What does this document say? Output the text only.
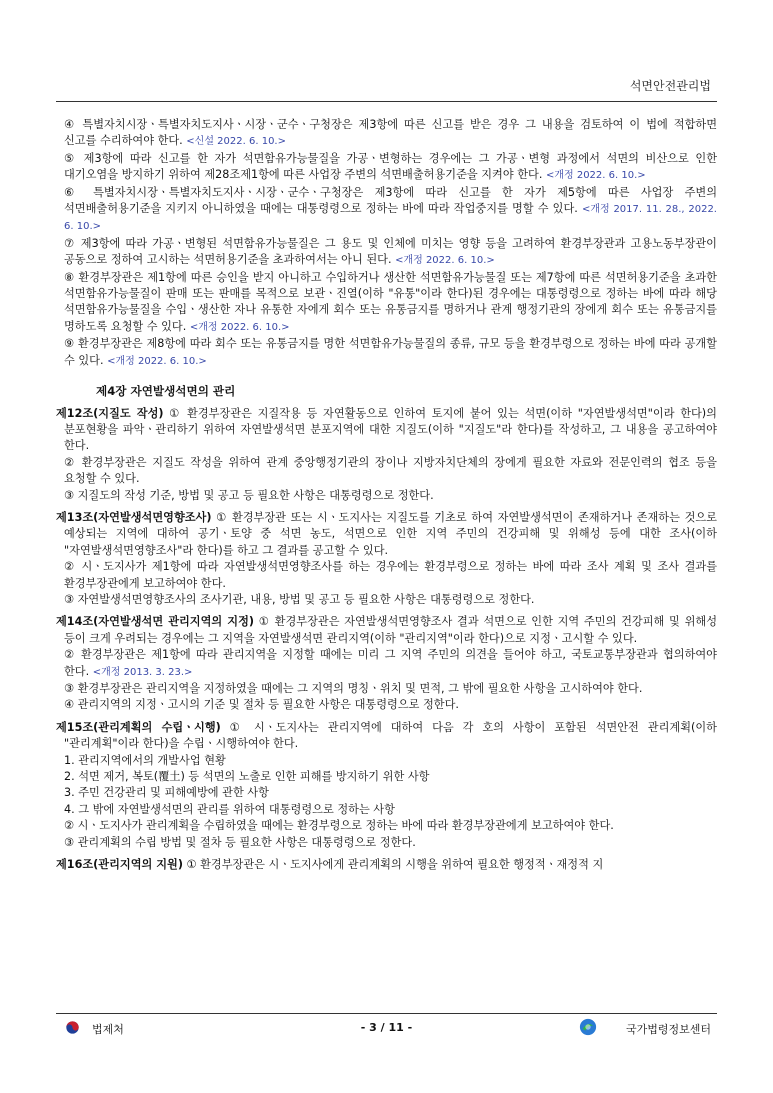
석면안전관리법

④ 특별자치시장ㆍ특별자치도지사ㆍ시장ㆍ군수ㆍ구청장은 제3항에 따른 신고를 받은 경우 그 내용을 검토하여 이 법에 적합하면 신고를 수리하여야 한다. <신설 2022. 6. 10.>

⑤ 제3항에 따라 신고를 한 자가 석면함유가능물질을 가공ㆍ변형하는 경우에는 그 가공ㆍ변형 과정에서 석면의 비산으로 인한 대기오염을 방지하기 위하여 제28조제1항에 따른 사업장 주변의 석면배출허용기준을 지켜야 한다. <개정 2022. 6. 10.>

⑥ 특별자치시장ㆍ특별자치도지사ㆍ시장ㆍ군수ㆍ구청장은 제3항에 따라 신고를 한 자가 제5항에 따른 사업장 주변의 석면배출허용기준을 지키지 아니하였을 때에는 대통령령으로 정하는 바에 따라 작업중지를 명할 수 있다. <개정 2017. 11. 28., 2022. 6. 10.>

⑦ 제3항에 따라 가공ㆍ변형된 석면함유가능물질은 그 용도 및 인체에 미치는 영향 등을 고려하여 환경부장관과 고용노동부장관이 공동으로 정하여 고시하는 석면허용기준을 초과하여서는 아니 된다. <개정 2022. 6. 10.>

⑧ 환경부장관은 제1항에 따른 승인을 받지 아니하고 수입하거나 생산한 석면함유가능물질 또는 제7항에 따른 석면허용기준을 초과한 석면함유가능물질이 판매 또는 판매를 목적으로 보관ㆍ진열(이하 "유통"이라 한다)된 경우에는 대통령령으로 정하는 바에 따라 해당 석면함유가능물질을 수입ㆍ생산한 자나 유통한 자에게 회수 또는 유통금지를 명하거나 관계 행정기관의 장에게 회수 또는 유통금지를 명하도록 요청할 수 있다. <개정 2022. 6. 10.>

⑨ 환경부장관은 제8항에 따라 회수 또는 유통금지를 명한 석면함유가능물질의 종류, 규모 등을 환경부령으로 정하는 바에 따라 공개할 수 있다. <개정 2022. 6. 10.>

제4장 자연발생석면의 관리

제12조(지질도 작성) ① 환경부장관은 지질작용 등 자연활동으로 인하여 토지에 붙어 있는 석면(이하 "자연발생석면"이라 한다)의 분포현황을 파악ㆍ관리하기 위하여 자연발생석면 분포지역에 대한 지질도(이하 "지질도"라 한다)를 작성하고, 그 내용을 공고하여야 한다.

② 환경부장관은 지질도 작성을 위하여 관계 중앙행정기관의 장이나 지방자치단체의 장에게 필요한 자료와 전문인력의 협조 등을 요청할 수 있다.

③ 지질도의 작성 기준, 방법 및 공고 등 필요한 사항은 대통령령으로 정한다.

제13조(자연발생석면영향조사) ① 환경부장관 또는 시ㆍ도지사는 지질도를 기초로 하여 자연발생석면이 존재하거나 존재하는 것으로 예상되는 지역에 대하여 공기ㆍ토양 중 석면 농도, 석면으로 인한 지역 주민의 건강피해 및 위해성 등에 대한 조사(이하 "자연발생석면영향조사"라 한다)를 하고 그 결과를 공고할 수 있다.

② 시ㆍ도지사가 제1항에 따라 자연발생석면영향조사를 하는 경우에는 환경부령으로 정하는 바에 따라 조사 계획 및 조사 결과를 환경부장관에게 보고하여야 한다.

③ 자연발생석면영향조사의 조사기관, 내용, 방법 및 공고 등 필요한 사항은 대통령령으로 정한다.

제14조(자연발생석면 관리지역의 지정) ① 환경부장관은 자연발생석면영향조사 결과 석면으로 인한 지역 주민의 건강피해 및 위해성 등이 크게 우려되는 경우에는 그 지역을 자연발생석면 관리지역(이하 "관리지역"이라 한다)으로 지정ㆍ고시할 수 있다.

② 환경부장관은 제1항에 따라 관리지역을 지정할 때에는 미리 그 지역 주민의 의견을 들어야 하고, 국토교통부장관과 협의하여야 한다. <개정 2013. 3. 23.>

③ 환경부장관은 관리지역을 지정하였을 때에는 그 지역의 명칭ㆍ위치 및 면적, 그 밖에 필요한 사항을 고시하여야 한다.

④ 관리지역의 지정ㆍ고시의 기준 및 절차 등 필요한 사항은 대통령령으로 정한다.

제15조(관리계획의 수립ㆍ시행) ① 시ㆍ도지사는 관리지역에 대하여 다음 각 호의 사항이 포함된 석면안전 관리계획(이하 "관리계획"이라 한다)을 수립ㆍ시행하여야 한다.

1. 관리지역에서의 개발사업 현황

2. 석면 제거, 복토(覆土) 등 석면의 노출로 인한 피해를 방지하기 위한 사항

3. 주민 건강관리 및 피해예방에 관한 사항

4. 그 밖에 자연발생석면의 관리를 위하여 대통령령으로 정하는 사항

② 시ㆍ도지사가 관리계획을 수립하였을 때에는 환경부령으로 정하는 바에 따라 환경부장관에게 보고하여야 한다.

③ 관리계획의 수립 방법 및 절차 등 필요한 사항은 대통령령으로 정한다.

제16조(관리지역의 지원) ① 환경부장관은 시ㆍ도지사에게 관리계획의 시행을 위하여 필요한 행정적ㆍ재정적 지

법제처	- 3 / 11 -	국가법령정보센터
